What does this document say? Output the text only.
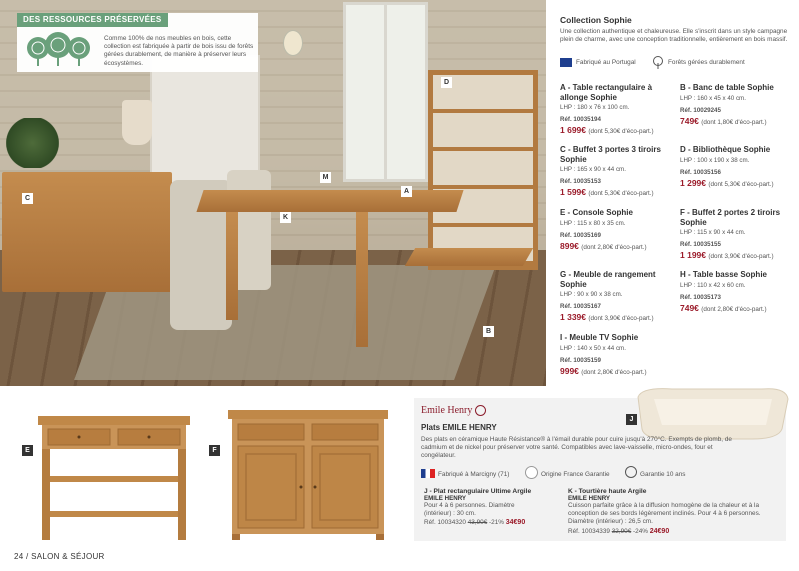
D
C
M
A
K
B
DES RESSOURCES PRÉSERVÉES
Comme 100% de nos meubles en bois, cette collection est fabriquée à partir de bois issu de forêts gérées durablement, de manière à préserver leurs écosystèmes.
Collection Sophie
Une collection authentique et chaleureuse. Elle s'inscrit dans un style campagne plein de charme, avec une conception traditionnelle, entièrement en bois massif.
Fabriqué au Portugal	Forêts gérées durablement
A - Table rectangulaire à allonge Sophie
LHP : 180 x 76 x 100 cm.
Réf. 10035194
1 699€ (dont 5,30€ d'éco-part.)
B - Banc de table Sophie
LHP : 160 x 45 x 40 cm.
Réf. 10029245
749€ (dont 1,80€ d'éco-part.)
C - Buffet 3 portes 3 tiroirs Sophie
LHP : 165 x 90 x 44 cm.
Réf. 10035153
1 599€ (dont 5,30€ d'éco-part.)
D - Bibliothèque Sophie
LHP : 100 x 190 x 38 cm.
Réf. 10035156
1 299€ (dont 5,30€ d'éco-part.)
E - Console Sophie
LHP : 115 x 80 x 35 cm.
Réf. 10035169
899€ (dont 2,80€ d'éco-part.)
F - Buffet 2 portes 2 tiroirs Sophie
LHP : 115 x 90 x 44 cm.
Réf. 10035155
1 199€ (dont 3,90€ d'éco-part.)
G - Meuble de rangement Sophie
LHP : 90 x 90 x 38 cm.
Réf. 10035167
1 339€ (dont 3,90€ d'éco-part.)
H - Table basse Sophie
LHP : 110 x 42 x 60 cm.
Réf. 10035173
749€ (dont 2,80€ d'éco-part.)
I - Meuble TV Sophie
LHP : 140 x 50 x 44 cm.
Réf. 10035159
999€ (dont 2,80€ d'éco-part.)
E	F
Emile Henry
J
Plats EMILE HENRY
Des plats en céramique Haute Résistance® à l'émail durable pour cuire jusqu'à 270°C. Exempts de plomb, de cadmium et de nickel pour préserver votre santé. Compatibles avec lave-vaisselle, micro-ondes, four et congélateur.
Fabriqué à Marcigny (71)	Origine France Garantie	Garantie 10 ans
J - Plat rectangulaire Ultime Argile
EMILE HENRY
Pour 4 à 6 personnes. Diamètre (intérieur) : 30 cm.
Réf. 10034320 43,90€ -21% 34€90
K - Tourtière haute Argile
EMILE HENRY
Cuisson parfaite grâce à la diffusion homogène de la chaleur et à la conception de ses bords légèrement inclinés. Pour 4 à 6 personnes. Diamètre (intérieur) : 26,5 cm.
Réf. 10034339 32,90€ -24% 24€90
24 / SALON & SÉJOUR
